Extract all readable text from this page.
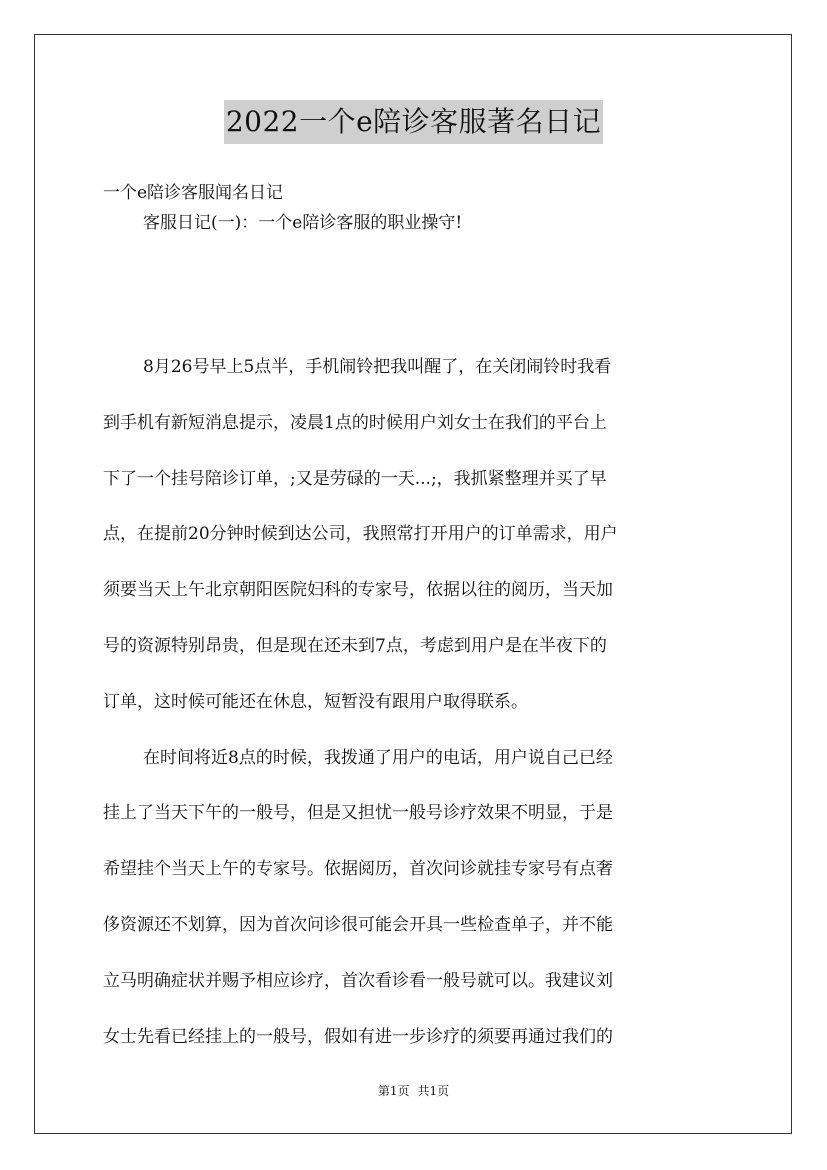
2022一个e陪诊客服著名日记
一个e陪诊客服闻名日记
客服日记(一)：一个e陪诊客服的职业操守!
8月26号早上5点半，手机闹铃把我叫醒了，在关闭闹铃时我看
到手机有新短消息提示，凌晨1点的时候用户刘女士在我们的平台上
下了一个挂号陪诊订单，;又是劳碌的一天...;，我抓紧整理并买了早
点，在提前20分钟时候到达公司，我照常打开用户的订单需求，用户
须要当天上午北京朝阳医院妇科的专家号，依据以往的阅历，当天加
号的资源特别昂贵，但是现在还未到7点，考虑到用户是在半夜下的
订单，这时候可能还在休息，短暂没有跟用户取得联系。
在时间将近8点的时候，我拨通了用户的电话，用户说自己已经
挂上了当天下午的一般号，但是又担忧一般号诊疗效果不明显，于是
希望挂个当天上午的专家号。依据阅历，首次问诊就挂专家号有点奢
侈资源还不划算，因为首次问诊很可能会开具一些检查单子，并不能
立马明确症状并赐予相应诊疗，首次看诊看一般号就可以。我建议刘
女士先看已经挂上的一般号，假如有进一步诊疗的须要再通过我们的
第1页 共1页
